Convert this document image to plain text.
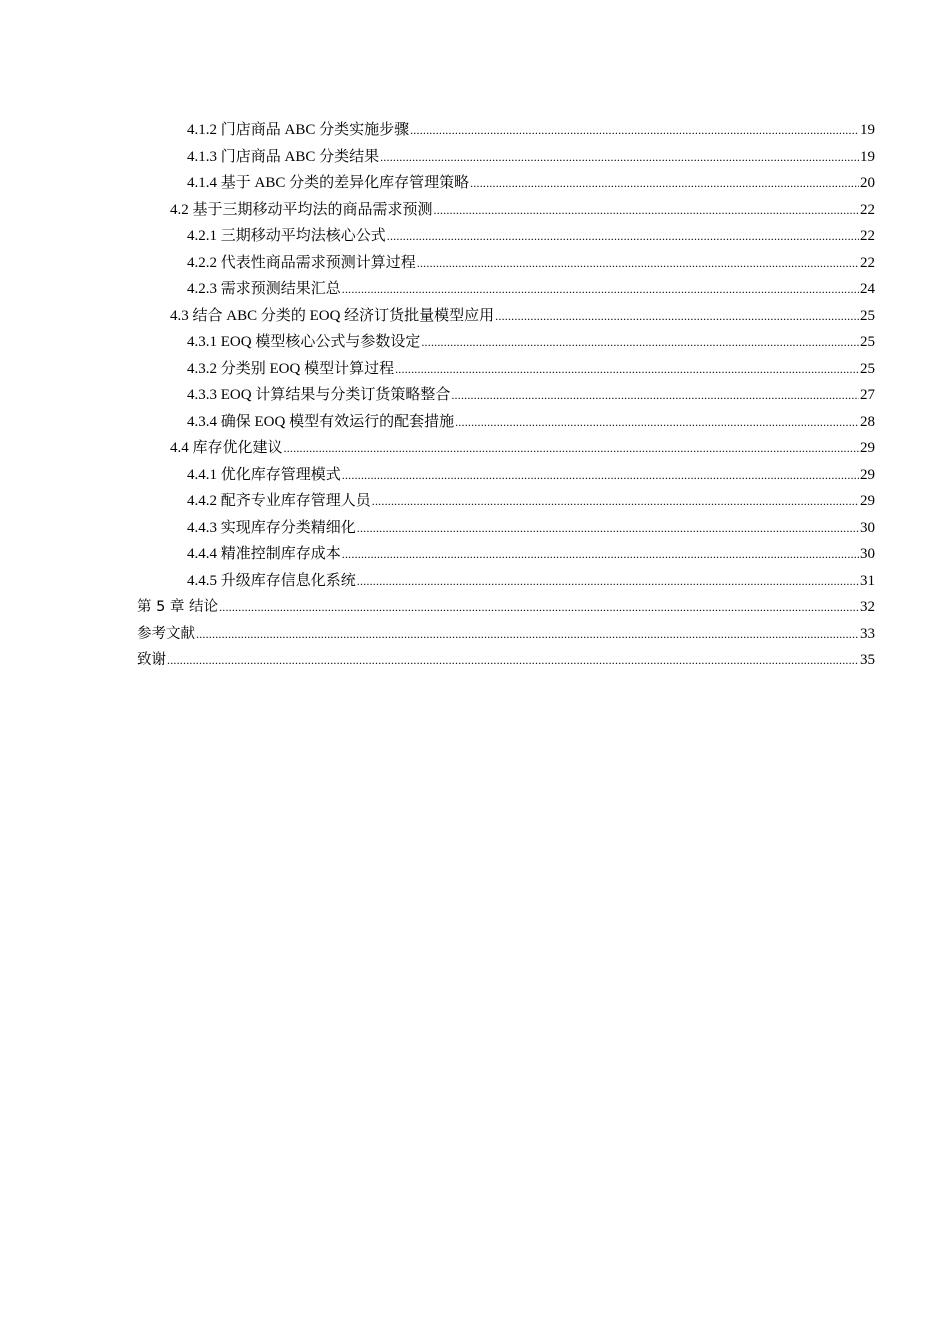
4.1.2 门店商品 ABC 分类实施步骤 .....	19
4.1.3 门店商品 ABC 分类结果 .....	19
4.1.4 基于 ABC 分类的差异化库存管理策略 .....	20
4.2 基于三期移动平均法的商品需求预测 .....	22
4.2.1 三期移动平均法核心公式 .....	22
4.2.2 代表性商品需求预测计算过程 .....	22
4.2.3 需求预测结果汇总 .....	24
4.3 结合 ABC 分类的 EOQ 经济订货批量模型应用 .....	25
4.3.1 EOQ 模型核心公式与参数设定 .....	25
4.3.2 分类别 EOQ 模型计算过程 .....	25
4.3.3 EOQ 计算结果与分类订货策略整合 .....	27
4.3.4 确保 EOQ 模型有效运行的配套措施 .....	28
4.4 库存优化建议 .....	29
4.4.1 优化库存管理模式 .....	29
4.4.2 配齐专业库存管理人员 .....	29
4.4.3 实现库存分类精细化 .....	30
4.4.4 精准控制库存成本 .....	30
4.4.5 升级库存信息化系统 .....	31
第 5 章 结论 .....	32
参考文献 .....	33
致谢 .....	35
